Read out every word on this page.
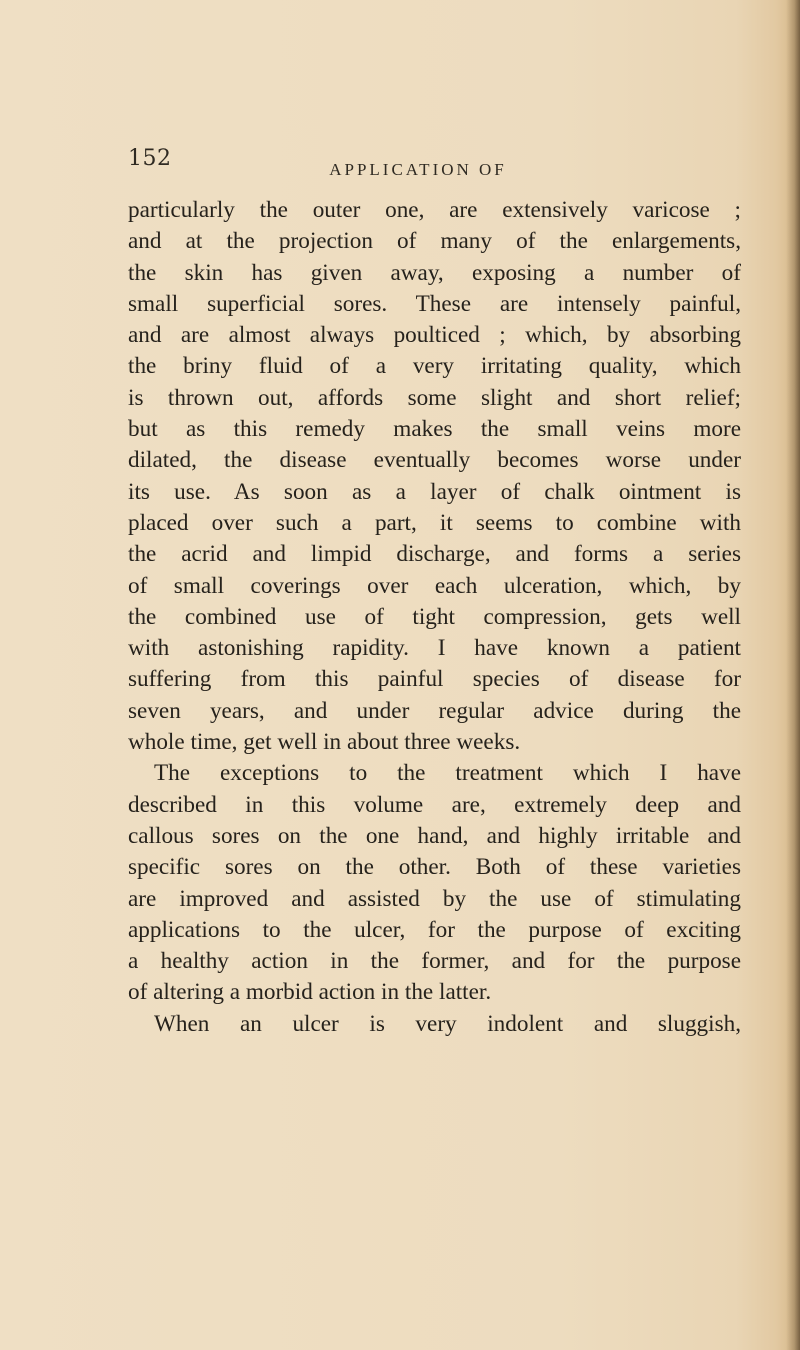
152	APPLICATION OF
particularly the outer one, are extensively varicose ;
and at the projection of many of the enlargements,
the skin has given away, exposing a number of
small superficial sores. These are intensely painful,
and are almost always poulticed ; which, by absorbing
the briny fluid of a very irritating quality, which
is thrown out, affords some slight and short relief;
but as this remedy makes the small veins more
dilated, the disease eventually becomes worse under
its use. As soon as a layer of chalk ointment is
placed over such a part, it seems to combine with
the acrid and limpid discharge, and forms a series
of small coverings over each ulceration, which, by
the combined use of tight compression, gets well
with astonishing rapidity. I have known a patient
suffering from this painful species of disease for
seven years, and under regular advice during the
whole time, get well in about three weeks.
The exceptions to the treatment which I have
described in this volume are, extremely deep and
callous sores on the one hand, and highly irritable and
specific sores on the other. Both of these varieties
are improved and assisted by the use of stimulating
applications to the ulcer, for the purpose of exciting
a healthy action in the former, and for the purpose
of altering a morbid action in the latter.
When an ulcer is very indolent and sluggish,
